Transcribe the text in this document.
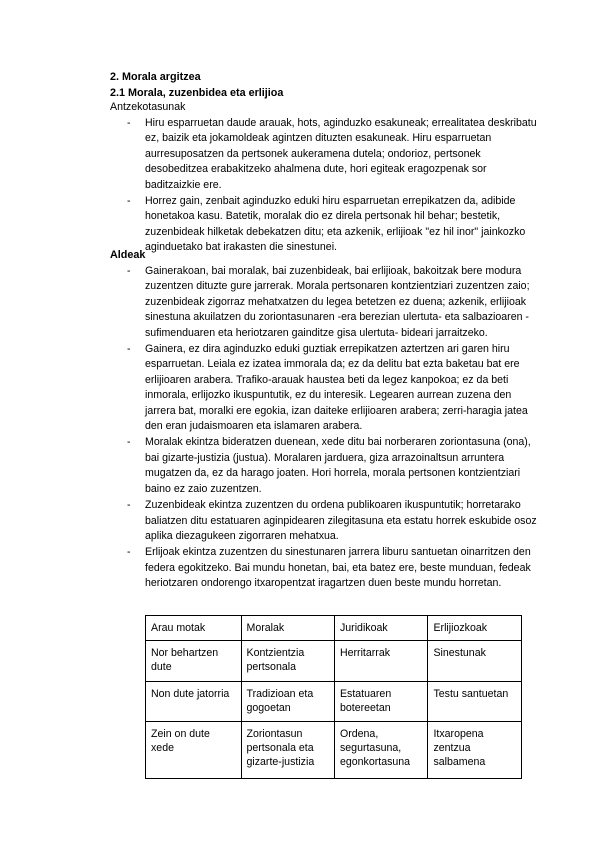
2. Morala argitzea
2.1 Morala, zuzenbidea eta erlijioa
Antzekotasunak
- Hiru esparruetan daude arauak, hots, aginduzko esakuneak; errealitatea deskribatu ez, baizik eta jokamoldeak agintzen dituzten esakuneak. Hiru esparruetan aurresuposatzen da pertsonek aukeramena dutela; ondorioz, pertsonek desobeditzea erabakitzeko ahalmena dute, hori egiteak eragozpenak sor baditzaizkie ere.
- Horrez gain, zenbait aginduzko eduki hiru esparruetan errepikatzen da, adibide honetakoa kasu. Batetik, moralak dio ez direla pertsonak hil behar; bestetik, zuzenbideak hilketak debekatzen ditu; eta azkenik, erlijioak "ez hil inor" jainkozko aginduetako bat irakasten die sinestunei.
Aldeak
- Gainerakoan, bai moralak, bai zuzenbideak, bai erlijioak, bakoitzak bere modura zuzentzen dituzte gure jarrerak. Morala pertsonaren kontzientziari zuzentzen zaio; zuzenbideak zigorraz mehatxatzen du legea betetzen ez duena; azkenik, erlijioak sinestuna akuilatzen du zoriontasunaren -era berezian ulertuta- eta salbazioaren -sufimenduaren eta heriotzaren gainditze gisa ulertuta- bideari jarraitzeko.
- Gainera, ez dira aginduzko eduki guztiak errepikatzen aztertzen ari garen hiru esparruetan. Leiala ez izatea immorala da; ez da delitu bat ezta baketau bat ere erlijioaren arabera. Trafiko-arauak haustea beti da legez kanpokoa; ez da beti inmorala, erlijozko ikuspuntutik, ez du interesik. Legearen aurrean zuzena den jarrera bat, moralki ere egokia, izan daiteke erlijioaren arabera; zerri-haragia jatea den eran judaismoaren eta islamaren arabera.
- Moralak ekintza bideratzen duenean, xede ditu bai norberaren zoriontasuna (ona), bai gizarte-justizia (justua). Moralaren jarduera, giza arrazoinaltsun arruntera mugatzen da, ez da harago joaten. Hori horrela, morala pertsonen kontzientziari baino ez zaio zuzentzen.
- Zuzenbideak ekintza zuzentzen du ordena publikoaren ikuspuntutik; horretarako baliatzen ditu estatuaren aginpidearen zilegitasuna eta estatu horrek eskubide osoz aplika diezagukeen zigorraren mehatxua.
- Erlijoak ekintza zuzentzen du sinestunaren jarrera liburu santuetan oinarritzen den federa egokitzeko. Bai mundu honetan, bai, eta batez ere, beste munduan, fedeak heriotzaren ondorengo itxaropentzat iragartzen duen beste mundu horretan.
Arau motak	Moralak	Juridikoak	Erlijiozkoak
Nor behartzen dute	Kontzientzia pertsonala	Herritarrak	Sinestunak
Non dute jatorria	Tradizioan eta gogoetan	Estatuaren botereetan	Testu santuetan
Zein on dute xede	Zoriontasun pertsonala eta gizarte-justizia	Ordena, segurtasuna, egonkortasuna	Itxaropena zentzua salbamena
